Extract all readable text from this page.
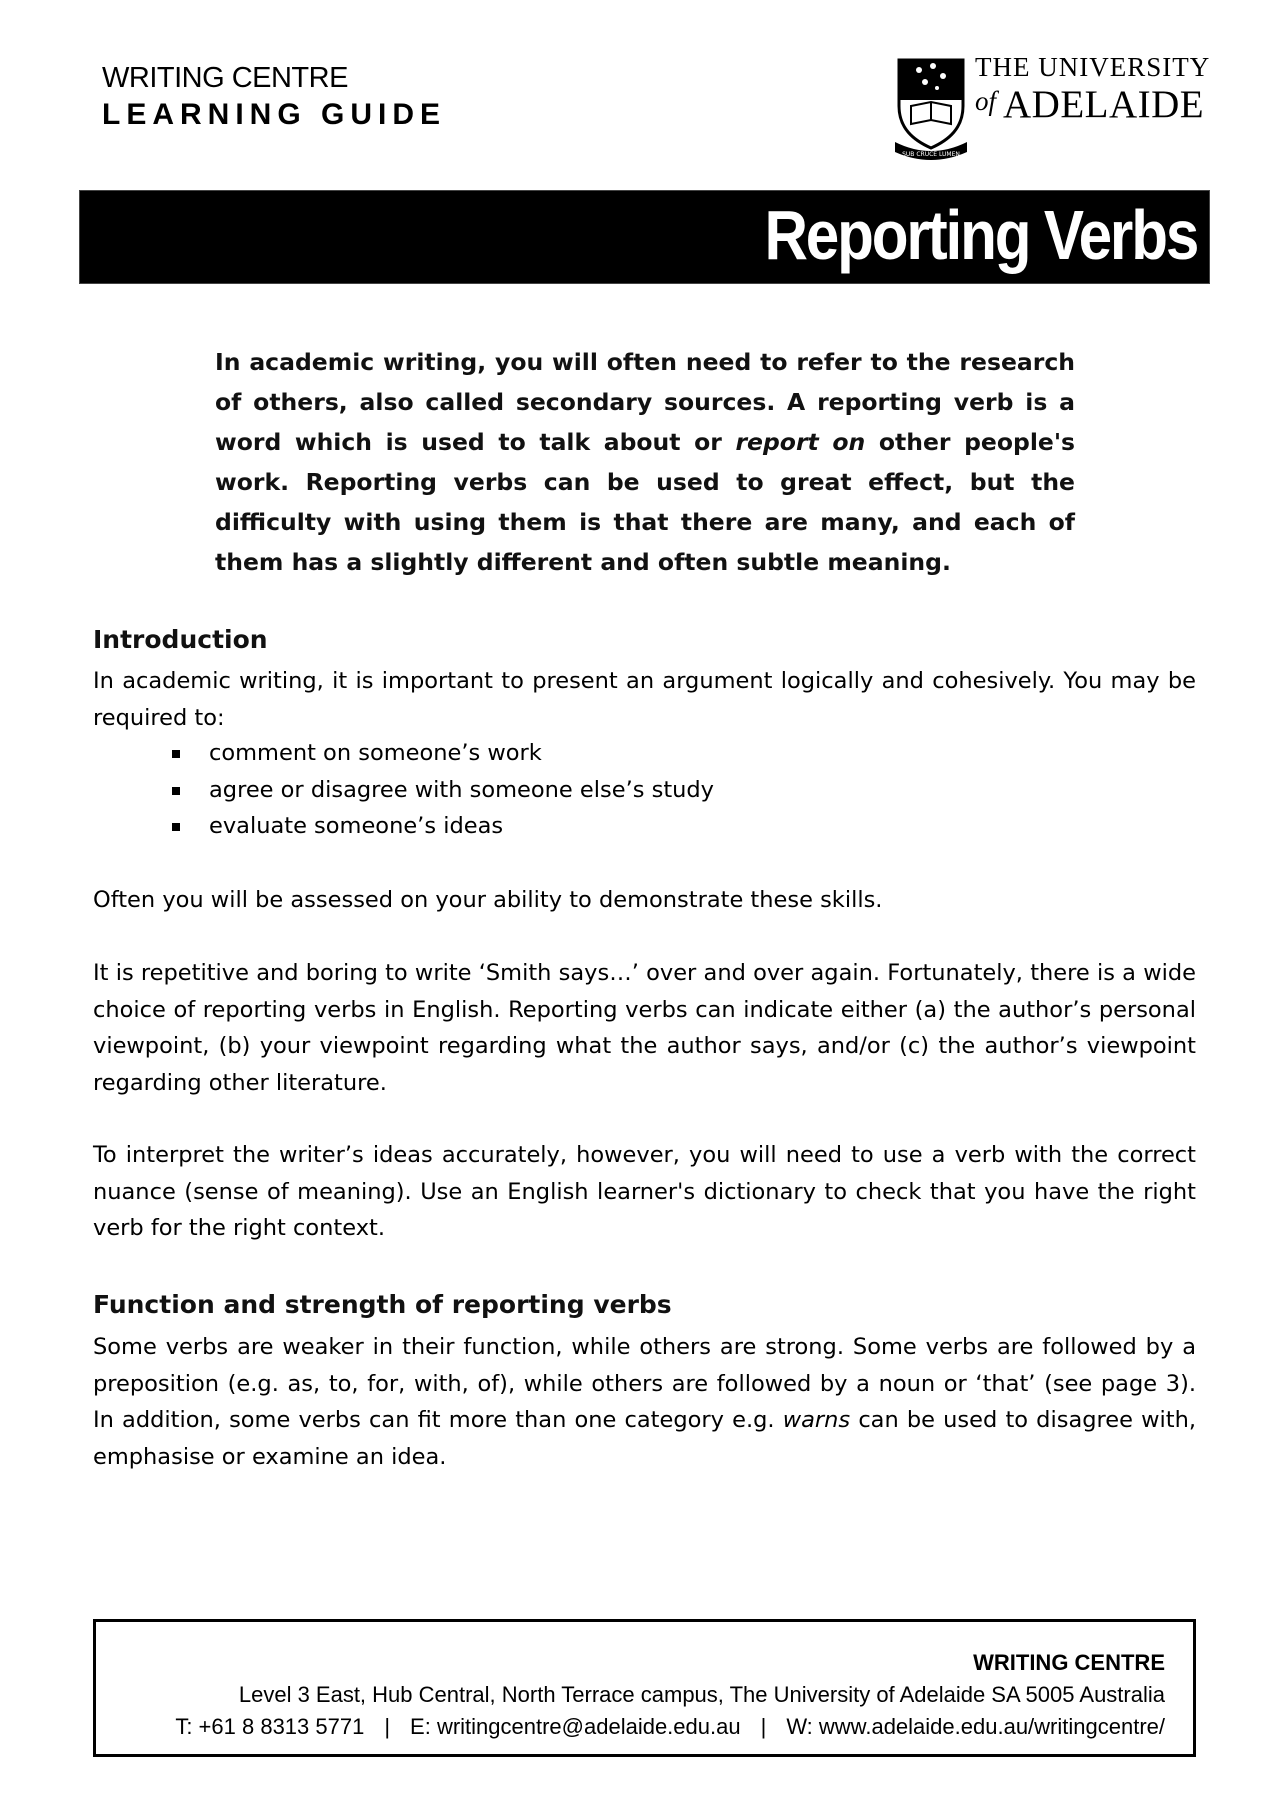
WRITING CENTRE
LEARNING GUIDE
SUB CRUCE LUMEN
THE UNIVERSITY
of ADELAIDE
Reporting Verbs
In academic writing, you will often need to refer to the research of others, also called secondary sources. A reporting verb is a word which is used to talk about or report on other people's work. Reporting verbs can be used to great effect, but the difficulty with using them is that there are many, and each of them has a slightly different and often subtle meaning.
Introduction

In academic writing, it is important to present an argument logically and cohesively. You may be required to:

comment on someone’s work
agree or disagree with someone else’s study
evaluate someone’s ideas

Often you will be assessed on your ability to demonstrate these skills.

It is repetitive and boring to write ‘Smith says…’ over and over again. Fortunately, there is a wide choice of reporting verbs in English. Reporting verbs can indicate either (a) the author’s personal viewpoint, (b) your viewpoint regarding what the author says, and/or (c) the author’s viewpoint regarding other literature.

To interpret the writer’s ideas accurately, however, you will need to use a verb with the correct nuance (sense of meaning). Use an English learner's dictionary to check that you have the right verb for the right context.

Function and strength of reporting verbs

Some verbs are weaker in their function, while others are strong. Some verbs are followed by a preposition (e.g. as, to, for, with, of), while others are followed by a noun or ‘that’ (see page 3). In addition, some verbs can fit more than one category e.g. warns can be used to disagree with, emphasise or examine an idea.

WRITING CENTRE
Level 3 East, Hub Central, North Terrace campus, The University of Adelaide SA 5005 Australia
T: +61 8 8313 5771 | E: writingcentre@adelaide.edu.au | W: www.adelaide.edu.au/writingcentre/
